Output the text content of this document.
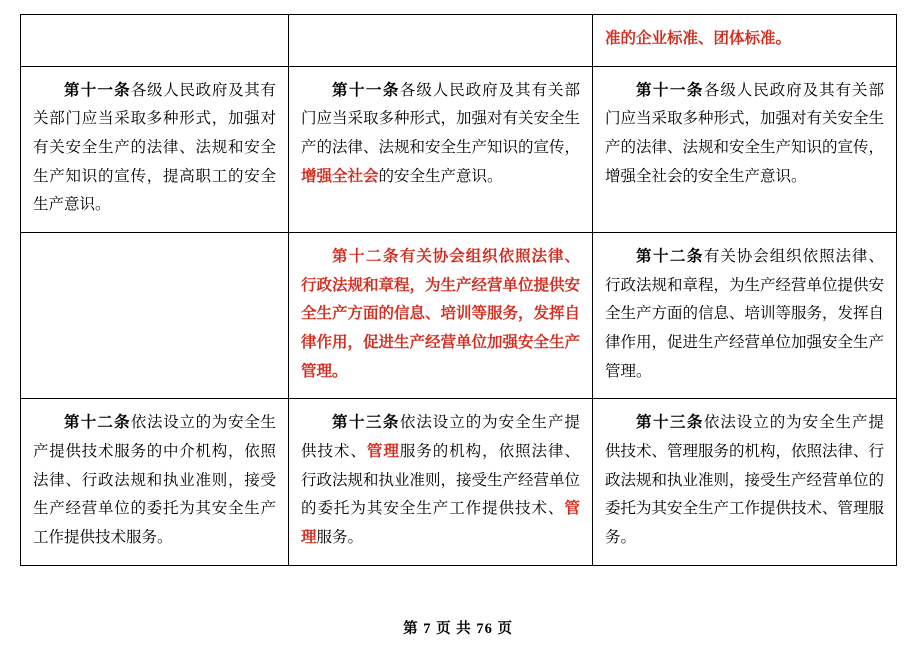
		准的企业标准、团体标准。

第十一条各级人民政府及其有关部门应当采取多种形式，加强对有关安全生产的法律、法规和安全生产知识的宣传，提高职工的安全生产意识。	第十一条各级人民政府及其有关部门应当采取多种形式，加强对有关安全生产的法律、法规和安全生产知识的宣传，增强全社会的安全生产意识。	第十一条各级人民政府及其有关部门应当采取多种形式，加强对有关安全生产的法律、法规和安全生产知识的宣传，增强全社会的安全生产意识。

	第十二条有关协会组织依照法律、行政法规和章程，为生产经营单位提供安全生产方面的信息、培训等服务，发挥自律作用，促进生产经营单位加强安全生产管理。	第十二条有关协会组织依照法律、行政法规和章程，为生产经营单位提供安全生产方面的信息、培训等服务，发挥自律作用，促进生产经营单位加强安全生产管理。

第十二条依法设立的为安全生产提供技术服务的中介机构，依照法律、行政法规和执业准则，接受生产经营单位的委托为其安全生产工作提供技术服务。	第十三条依法设立的为安全生产提供技术、管理服务的机构，依照法律、行政法规和执业准则，接受生产经营单位的委托为其安全生产工作提供技术、管理服务。	第十三条依法设立的为安全生产提供技术、管理服务的机构，依照法律、行政法规和执业准则，接受生产经营单位的委托为其安全生产工作提供技术、管理服务。

第 7 页 共 76 页
